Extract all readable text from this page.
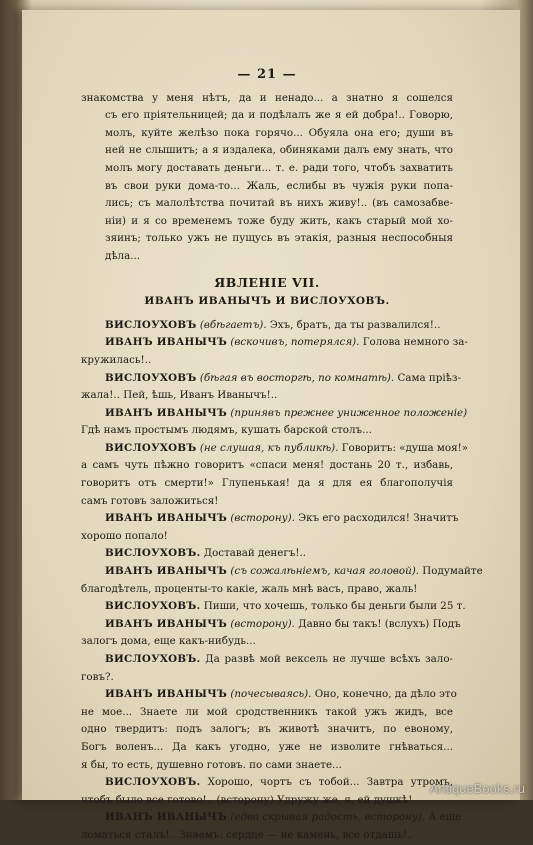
— 21 —

знакомства у меня нѣтъ, да и ненадо... а знатно я сошелся
съ его пріятельницей; да и подѣлалъ же я ей добра!.. Говорю,
молъ, куйте желѣзо пока горячо... Обуяла она его; души въ
ней не слышитъ; а я издалека, обиняками далъ ему знать, что
молъ могу доставать деньги... т. е. ради того, чтобъ захватить
въ свои руки дома-то... Жаль, еслибы въ чужія руки попа-
лись; съ малолѣтства почитай въ нихъ живу!.. (въ самозабве-
ніи) и я со временемъ тоже буду жить, какъ старый мой хо-
зяинъ; только ужъ не пущусь въ этакія, разныя неспособныя
дѣла...

ЯВЛЕНІЕ VII.
ИВАНЪ ИВАНЫЧЪ И ВИСЛОУХОВЪ.
ВИСЛОУХОВЪ (вбѣгаетъ). Эхъ, братъ, да ты развалился!..
ИВАНЪ ИВАНЫЧЪ (вскочивъ, потерялся). Голова немного за-
кружилась!..
ВИСЛОУХОВЪ (бѣгая въ восторгѣ, по комнатѣ). Сама прiѣз-
жала!.. Пей, ѣшь, Иванъ Иванычъ!..
ИВАНЪ ИВАНЫЧЪ (принявъ прежнее униженное положеніе)
Гдѣ намъ простымъ людямъ, кушать барской столъ...
ВИСЛОУХОВЪ (не слушая, къ публикѣ). Говоритъ: «душа моя!»
а самъ чуть пѣжно говоритъ «спаси меня! достань 20 т., избавь,
говоритъ отъ смерти!» Глупенькая! да я для ея благополучія
самъ готовъ заложиться!
ИВАНЪ ИВАНЫЧЪ (всторону). Экъ его расходился! Значитъ
хорошо попало!
ВИСЛОУХОВЪ. Доставай денегъ!..
ИВАНЪ ИВАНЫЧЪ (съ сожалѣніемъ, качая головой). Подумайте
благодѣтель, проценты-то какіе, жаль мнѣ васъ, право, жаль!
ВИСЛОУХОВЪ. Пиши, что хочешь, только бы деньги были 25 т.
ИВАНЪ ИВАНЫЧЪ (всторону). Давно бы такъ! (вслухъ) Подъ
залогъ дома, еще какъ-нибудь...
ВИСЛОУХОВЪ. Да развѣ мой вексель не лучше всѣхъ зало-
говъ?.
ИВАНЪ ИВАНЫЧЪ (почесываясь). Оно, конечно, да дѣло это
не мое... Знаете ли мой сродственникъ такой ужъ жидъ, все
одно твердитъ: подъ залогъ; въ животѣ значитъ, по евоному,
Богъ воленъ... Да какъ угодно, уже не изволите гнѣваться...
я бы, то есть, душевно готовъ. по сами знаете...
ВИСЛОУХОВЪ. Хорошо, чортъ съ тобой... Завтра утромъ,
чтобъ было все готово!.. (всторону) Удружу же, я, ей душкѣ!
ИВАНЪ ИВАНЫЧЪ (едва скрывая радость, всторону). А еще
ломаться сталъ!.. Знаемъ: сердце — не камень, все отдашь!..	AntiqueBooks.ru
